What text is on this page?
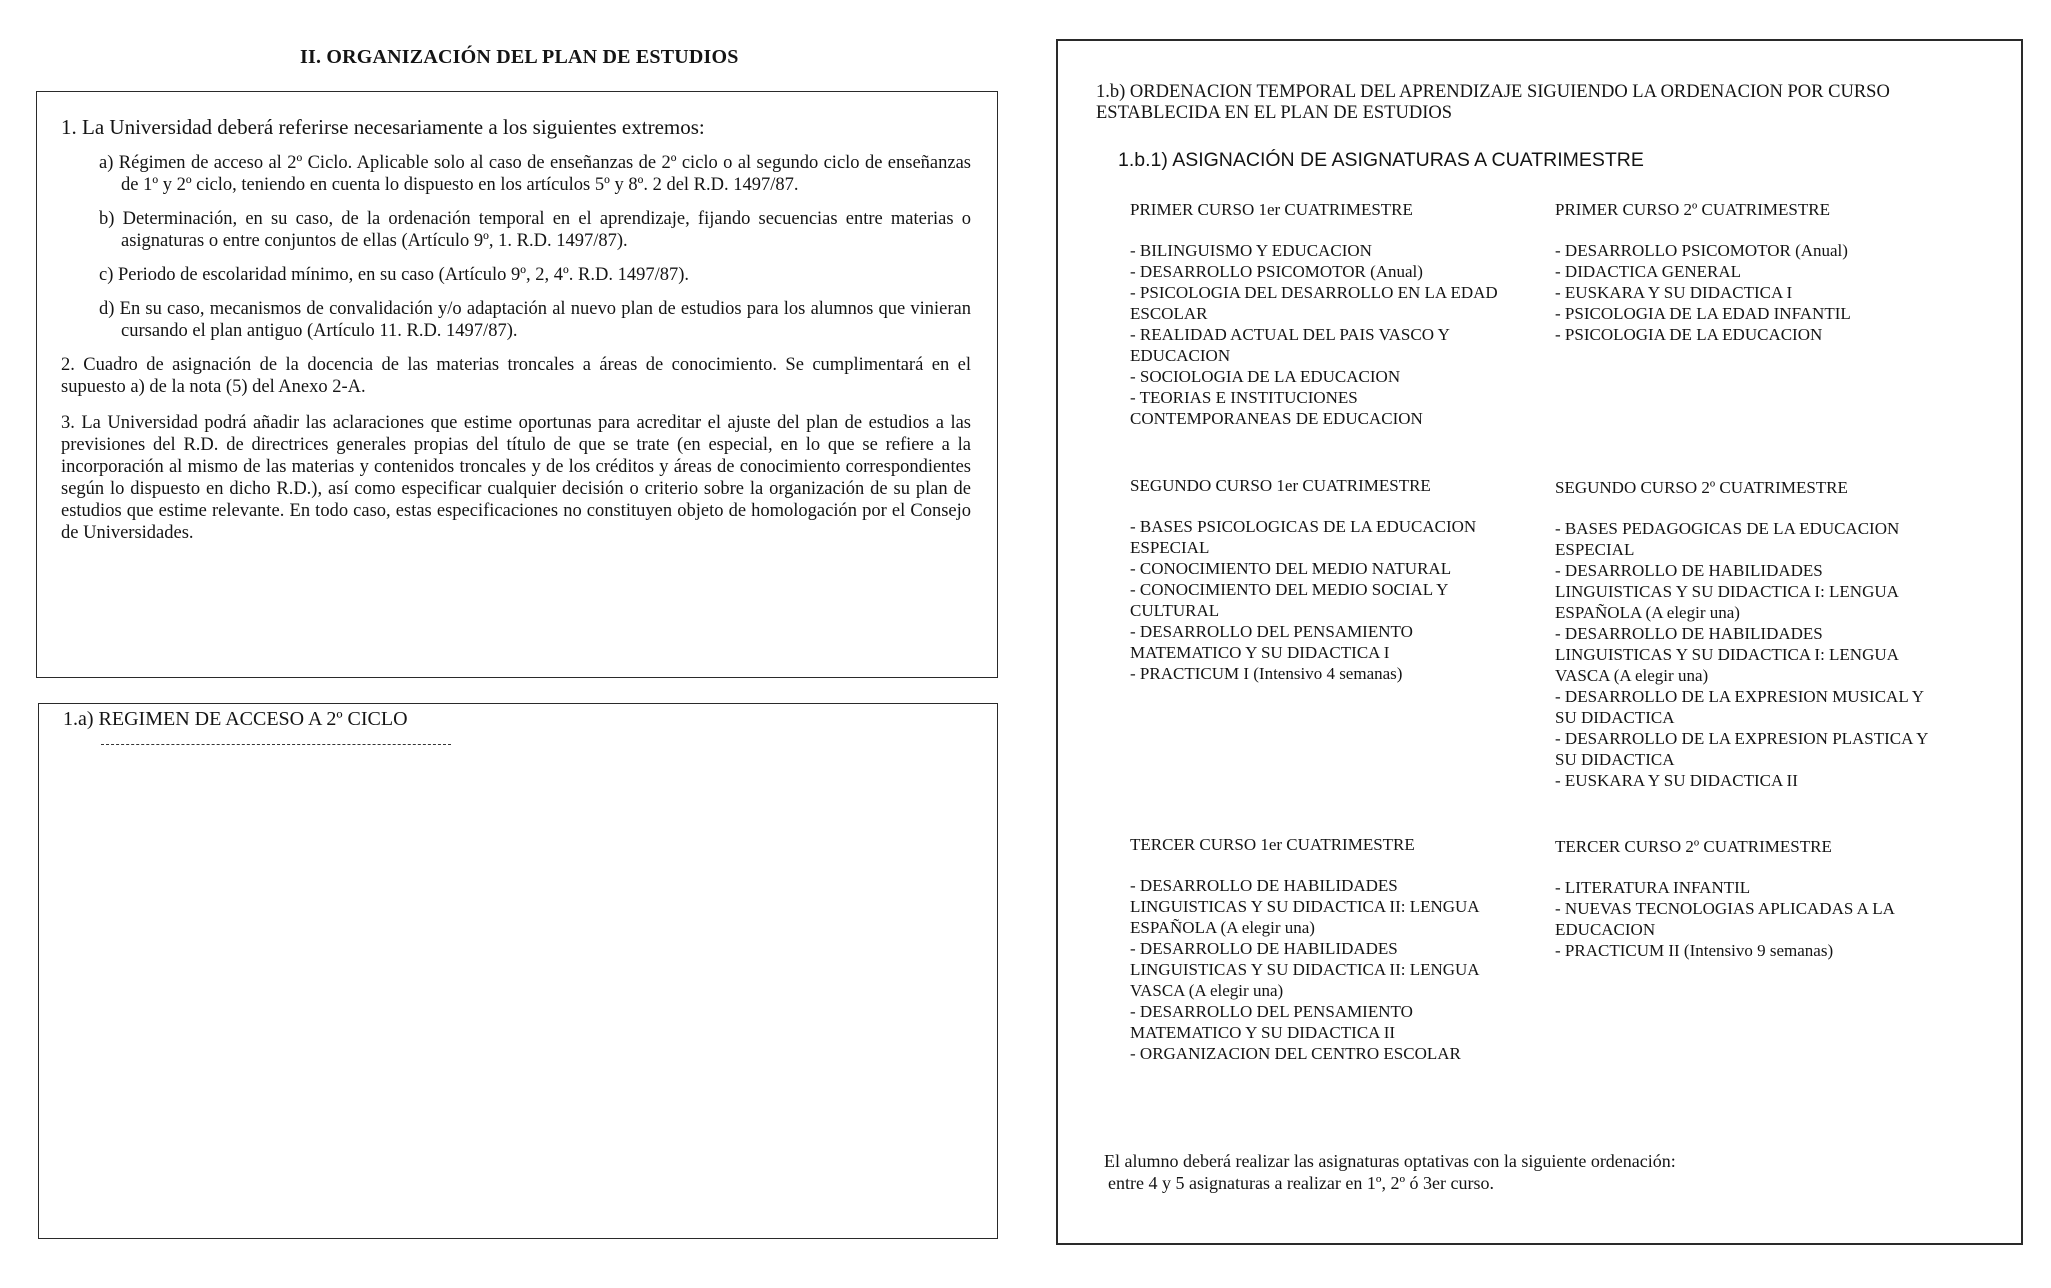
II. ORGANIZACIÓN DEL PLAN DE ESTUDIOS
1. La Universidad deberá referirse necesariamente a los siguientes extremos:
a) Régimen de acceso al 2º Ciclo. Aplicable solo al caso de enseñanzas de 2º ciclo o al segundo ciclo de enseñanzas de 1º y 2º ciclo, teniendo en cuenta lo dispuesto en los artículos 5º y 8º. 2 del R.D. 1497/87.
b) Determinación, en su caso, de la ordenación temporal en el aprendizaje, fijando secuencias entre materias o asignaturas o entre conjuntos de ellas (Artículo 9º, 1. R.D. 1497/87).
c) Periodo de escolaridad mínimo, en su caso (Artículo 9º, 2, 4º. R.D. 1497/87).
d) En su caso, mecanismos de convalidación y/o adaptación al nuevo plan de estudios para los alumnos que vinieran cursando el plan antiguo (Artículo 11. R.D. 1497/87).
2. Cuadro de asignación de la docencia de las materias troncales a áreas de conocimiento. Se cumplimentará en el supuesto a) de la nota (5) del Anexo 2-A.
3. La Universidad podrá añadir las aclaraciones que estime oportunas para acreditar el ajuste del plan de estudios a las previsiones del R.D. de directrices generales propias del título de que se trate (en especial, en lo que se refiere a la incorporación al mismo de las materias y contenidos troncales y de los créditos y áreas de conocimiento correspondientes según lo dispuesto en dicho R.D.), así como especificar cualquier decisión o criterio sobre la organización de su plan de estudios que estime relevante. En todo caso, estas especificaciones no constituyen objeto de homologación por el Consejo de Universidades.
1.a) REGIMEN DE ACCESO A 2º CICLO
1.b) ORDENACION TEMPORAL DEL APRENDIZAJE SIGUIENDO LA ORDENACION POR CURSO
ESTABLECIDA EN EL PLAN DE ESTUDIOS
1.b.1) ASIGNACIÓN DE ASIGNATURAS A CUATRIMESTRE
PRIMER CURSO 1er CUATRIMESTRE
- BILINGUISMO Y EDUCACION
- DESARROLLO PSICOMOTOR (Anual)
- PSICOLOGIA DEL DESARROLLO EN LA EDAD ESCOLAR
- REALIDAD ACTUAL DEL PAIS VASCO Y EDUCACION
- SOCIOLOGIA DE LA EDUCACION
- TEORIAS E INSTITUCIONES CONTEMPORANEAS DE EDUCACION
PRIMER CURSO 2º CUATRIMESTRE
- DESARROLLO PSICOMOTOR (Anual)
- DIDACTICA GENERAL
- EUSKARA Y SU DIDACTICA I
- PSICOLOGIA DE LA EDAD INFANTIL
- PSICOLOGIA DE LA EDUCACION
SEGUNDO CURSO 1er CUATRIMESTRE
- BASES PSICOLOGICAS DE LA EDUCACION ESPECIAL
- CONOCIMIENTO DEL MEDIO NATURAL
- CONOCIMIENTO DEL MEDIO SOCIAL Y CULTURAL
- DESARROLLO DEL PENSAMIENTO MATEMATICO Y SU DIDACTICA I
- PRACTICUM I (Intensivo 4 semanas)
SEGUNDO CURSO 2º CUATRIMESTRE
- BASES PEDAGOGICAS DE LA EDUCACION ESPECIAL
- DESARROLLO DE HABILIDADES LINGUISTICAS Y SU DIDACTICA I: LENGUA ESPAÑOLA (A elegir una)
- DESARROLLO DE HABILIDADES LINGUISTICAS Y SU DIDACTICA I: LENGUA VASCA (A elegir una)
- DESARROLLO DE LA EXPRESION MUSICAL Y SU DIDACTICA
- DESARROLLO DE LA EXPRESION PLASTICA Y SU DIDACTICA
- EUSKARA Y SU DIDACTICA II
TERCER CURSO 1er CUATRIMESTRE
- DESARROLLO DE HABILIDADES LINGUISTICAS Y SU DIDACTICA II: LENGUA ESPAÑOLA (A elegir una)
- DESARROLLO DE HABILIDADES LINGUISTICAS Y SU DIDACTICA II: LENGUA VASCA (A elegir una)
- DESARROLLO DEL PENSAMIENTO MATEMATICO Y SU DIDACTICA II
- ORGANIZACION DEL CENTRO ESCOLAR
TERCER CURSO 2º CUATRIMESTRE
- LITERATURA INFANTIL
- NUEVAS TECNOLOGIAS APLICADAS A LA EDUCACION
- PRACTICUM II (Intensivo 9 semanas)
El alumno deberá realizar las asignaturas optativas con la siguiente ordenación:
entre 4 y 5 asignaturas a realizar en 1º, 2º ó 3er curso.
